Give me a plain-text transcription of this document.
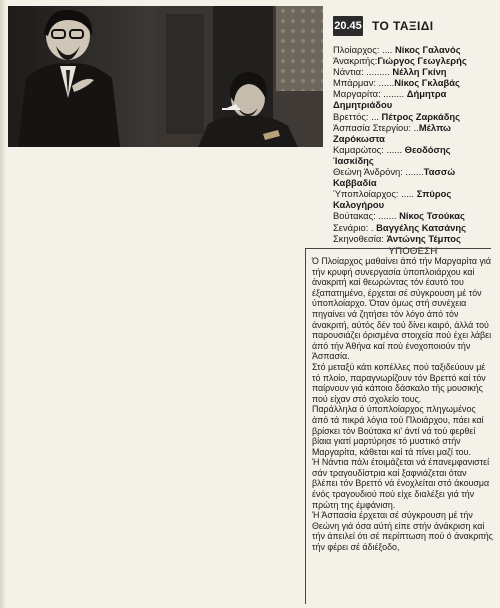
20.45 ΤΟ ΤΑΞΙΔΙ
Πλοίαρχος: .... Νίκος Γαλανός
Άνακριτής:Γιώργος Γεωγλερής
Νάντια: ......... Νέλλη Γκίνη
Μπάρμαν: ......Νίκος Γκλαβάς
Μαργαρίτα: ........ Δήμητρα Δημητριάδου
Βρεττός: ... Πέτρος Ζαρκάδης
Άσπασία Στεργίου: ..Μέλπω Ζαρόκωστα
Καμαρώτος: ...... Θεοδόσης Ίασκίδης
Θεώνη Άνδρόνη: .......Τασσώ Καββαδία
Ύποπλοίαρχος: ..... Σπύρος Καλογήρου
Βούτακας: ....... Νίκος Τσούκας
Σενάριο: . Βαγγέλης Κατσάνης
Σκηνοθεσία: Άντώνης Τέμπος
ΥΠΟΘΕΣΗ
Ό Πλοίαρχος μαθαίνει άπό τήν Μαργαρίτα γιά τήν κρυφή συνεργασία ύποπλοιάρχου καί άνακριτή καί θεωρώντας τόν έαυτό του έξαπατημένο, έρχεται σέ σύγκρουση μέ τόν ύποπλοίαρχο. Όταν όμως στή συνέχεια πηγαίνει νά ζητήσει τόν λόγο άπό τόν άνακριτή, αύτός δέν τού δίνει καιρό, άλλά τού παρουσιάζει όρισμένα στοιχεία πού έχει λάβει άπό τήν Άθήνα καί πού ένοχοποιούν τήν Άσπασία.
Στό μεταξύ κάτι κοπέλλες πού ταξιδεύουν μέ τό πλοίο, παραγνωρίζουν τόν Βρεττό καί τόν παίρνουν γιά κάποιο δάσκαλο τής μουσικής πού είχαν στό σχολείο τους.
Παράλληλα ό ύποπλοίαρχος πληγωμένος άπό τά πικρά λόγια τού Πλοιάρχου, πάει καί βρίσκει τόν Βούτακα κι' άντί νά τού φερθεί βίαια γιατί μαρτύρησε τό μυστικό στήν Μαργαρίτα, κάθεται καί τά πίνει μαζί του.
Ή Νάντια πάλι έτοιμάζεται νά έπανεμφανιστεί σάν τραγουδίστρια καί ξαφνιάζεται όταν βλέπει τόν Βρεττό νά ένοχλείται στό άκουσμα ένός τραγουδιού πού είχε διαλέξει γιά τήν πρώτη της έμφάνιση.
Ή Άσπασία έρχεται σέ σύγκρουση μέ τήν Θεώνη γιά όσα αύτή είπε στήν άνάκριση καί τήν άπειλεί ότι σέ περίπτωση πού ό άνακριτής τήν φέρει σέ άδιέξοδο,
